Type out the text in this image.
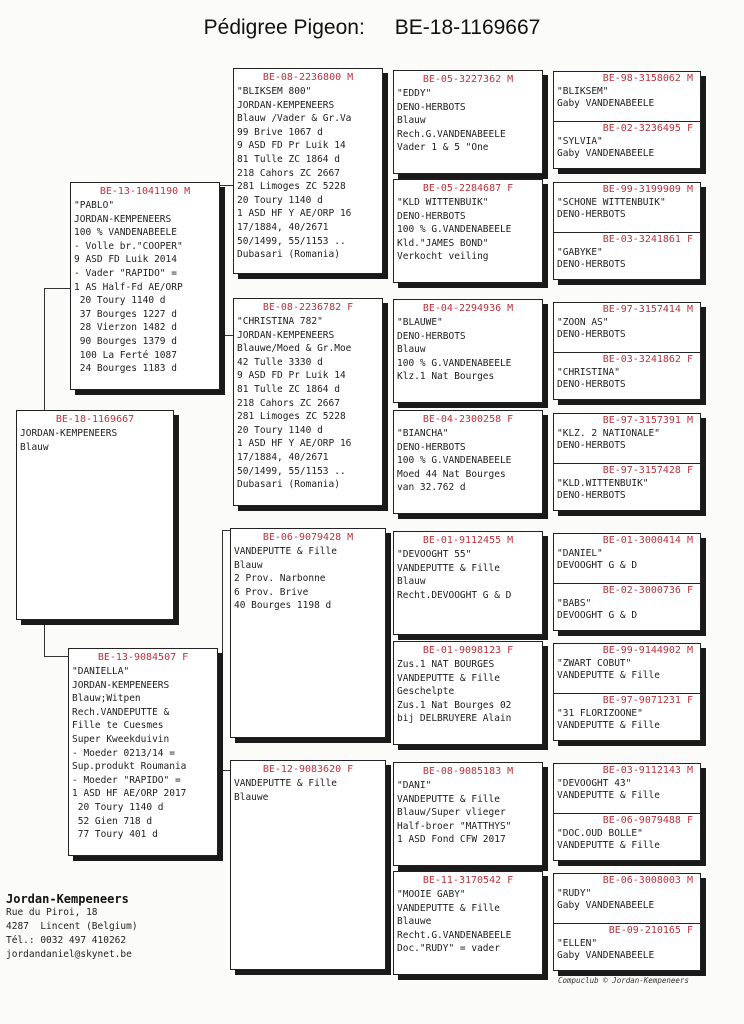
Pédigree Pigeon: BE-18-1169667
BE-18-1169667
JORDAN-KEMPENEERS
Blauw
BE-13-1041190 M
"PABLO"
JORDAN-KEMPENEERS
100 % VANDENABEELE
- Volle br."COOPER"
9 ASD FD Luik 2014
- Vader "RAPIDO" =
1 AS Half-Fd AE/ORP
20 Toury 1140 d
37 Bourges 1227 d
28 Vierzon 1482 d
90 Bourges 1379 d
100 La Ferté 1087
24 Bourges 1183 d
BE-13-9084507 F
"DANIELLA"
JORDAN-KEMPENEERS
Blauw;Witpen
Rech.VANDEPUTTE &
Fille te Cuesmes
Super Kweekduivin
- Moeder 0213/14 =
Sup.produkt Roumania
- Moeder "RAPIDO" =
1 ASD HF AE/ORP 2017
20 Toury 1140 d
52 Gien 718 d
77 Toury 401 d
BE-08-2236800 M
"BLIKSEM 800"
JORDAN-KEMPENEERS
Blauw /Vader & Gr.Va
99 Brive 1067 d
9 ASD FD Pr Luik 14
81 Tulle ZC 1864 d
218 Cahors ZC 2667
281 Limoges ZC 5228
20 Toury 1140 d
1 ASD HF Y AE/ORP 16
17/1884, 40/2671
50/1499, 55/1153 ..
Dubasari (Romania)
BE-08-2236782 F
"CHRISTINA 782"
JORDAN-KEMPENEERS
Blauwe/Moed & Gr.Moe
42 Tulle 3330 d
9 ASD FD Pr Luik 14
81 Tulle ZC 1864 d
218 Cahors ZC 2667
281 Limoges ZC 5228
20 Toury 1140 d
1 ASD HF Y AE/ORP 16
17/1884, 40/2671
50/1499, 55/1153 ..
Dubasari (Romania)
BE-06-9079428 M
VANDEPUTTE & Fille
Blauw
2 Prov. Narbonne
6 Prov. Brive
40 Bourges 1198 d
BE-12-9083620 F
VANDEPUTTE & Fille
Blauwe
BE-05-3227362 M
"EDDY"
DENO-HERBOTS
Blauw
Rech.G.VANDENABEELE
Vader 1 & 5 "One
BE-05-2284687 F
"KLD WITTENBUIK"
DENO-HERBOTS
100 % G.VANDENABEELE
Kld."JAMES BOND"
Verkocht veiling
BE-04-2294936 M
"BLAUWE"
DENO-HERBOTS
Blauw
100 % G.VANDENABEELE
Klz.1 Nat Bourges
BE-04-2300258 F
"BIANCHA"
DENO-HERBOTS
100 % G.VANDENABEELE
Moed 44 Nat Bourges
van 32.762 d
BE-01-9112455 M
"DEVOOGHT 55"
VANDEPUTTE & Fille
Blauw
Recht.DEVOOGHT G & D
BE-01-9098123 F
Zus.1 NAT BOURGES
VANDEPUTTE & Fille
Geschelpte
Zus.1 Nat Bourges 02
bij DELBRUYERE Alain
BE-08-9085183 M
"DANI"
VANDEPUTTE & Fille
Blauw/Super vlieger
Half-broer "MATTHYS"
1 ASD Fond CFW 2017
BE-11-3170542 F
"MOOIE GABY"
VANDEPUTTE & Fille
Blauwe
Recht.G.VANDENABEELE
Doc."RUDY" = vader
BE-98-3158062 M
"BLIKSEM"
Gaby VANDENABEELE
BE-02-3236495 F
"SYLVIA"
Gaby VANDENABEELE
BE-99-3199909 M
"SCHONE WITTENBUIK"
DENO-HERBOTS
BE-03-3241861 F
"GABYKE"
DENO-HERBOTS
BE-97-3157414 M
"ZOON AS"
DENO-HERBOTS
BE-03-3241862 F
"CHRISTINA"
DENO-HERBOTS
BE-97-3157391 M
"KLZ. 2 NATIONALE"
DENO-HERBOTS
BE-97-3157428 F
"KLD.WITTENBUIK"
DENO-HERBOTS
BE-01-3000414 M
"DANIEL"
DEVOOGHT G & D
BE-02-3000736 F
"BABS"
DEVOOGHT G & D
BE-99-9144902 M
"ZWART COBUT"
VANDEPUTTE & Fille
BE-97-9071231 F
"31 FLORIZOONE"
VANDEPUTTE & Fille
BE-03-9112143 M
"DEVOOGHT 43"
VANDEPUTTE & Fille
BE-06-9079488 F
"DOC.OUD BOLLE"
VANDEPUTTE & Fille
BE-06-3008003 M
"RUDY"
Gaby VANDENABEELE
BE-09-210165 F
"ELLEN"
Gaby VANDENABEELE
Jordan-Kempeneers
Rue du Piroi, 18
4287  Lincent (Belgium)
Tél.: 0032 497 410262
jordandaniel@skynet.be
Compuclub © Jordan-Kempeneers
